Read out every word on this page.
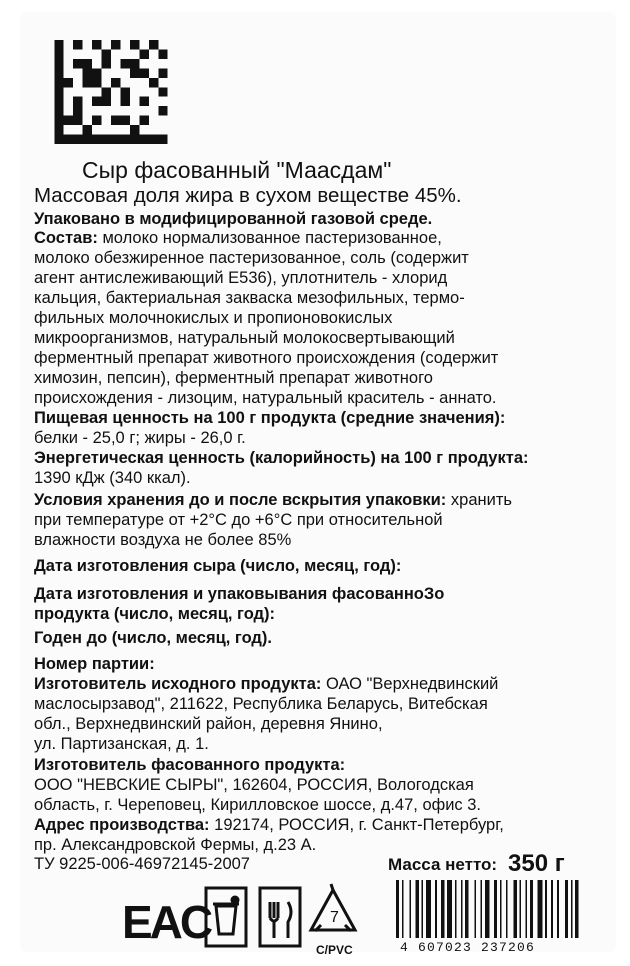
Сыр фасованный "Маасдам"
Массовая доля жира в сухом веществе 45%.
Упаковано в модифицированной газовой среде.
Состав: молоко нормализованное пастеризованное,
молоко обезжиренное пастеризованное, соль (содержит
агент антислеживающий Е536), уплотнитель - хлорид
кальция, бактериальная закваска мезофильных, термо-
фильных молочнокислых и пропионовокислых
микроорганизмов, натуральный молокосвертывающий
ферментный препарат животного происхождения (содержит
химозин, пепсин), ферментный препарат животного
происхождения - лизоцим, натуральный краситель - аннато.
Пищевая ценность на 100 г продукта (средние значения):
белки - 25,0 г; жиры - 26,0 г.
Энергетическая ценность (калорийность) на 100 г продукта:
1390 кДж (340 ккал).
Условия хранения до и после вскрытия упаковки: хранить
при температуре от +2°С до +6°С при относительной
влажности воздуха не более 85%
Дата изготовления сыра (число, месяц, год):
Дата изготовления и упаковывания фасованноЗо
продукта (число, месяц, год):
Годен до (число, месяц, год).
Номер партии:
Изготовитель исходного продукта: ОАО "Верхнедвинский
маслосырзавод", 211622, Республика Беларусь, Витебская
обл., Верхнедвинский район, деревня Янино,
ул. Партизанская, д. 1.
Изготовитель фасованного продукта:
ООО "НЕВСКИЕ СЫРЫ", 162604, РОССИЯ, Вологодская
область, г. Череповец, Кирилловское шоссе, д.47, офис 3.
Адрес производства: 192174, РОССИЯ, г. Санкт-Петербург,
пр. Александровской Фермы, д.23 А.
ТУ 9225-006-46972145-2007	Масса нетто: 350 г
EAC	7
С/PVC	4 607023 237206
